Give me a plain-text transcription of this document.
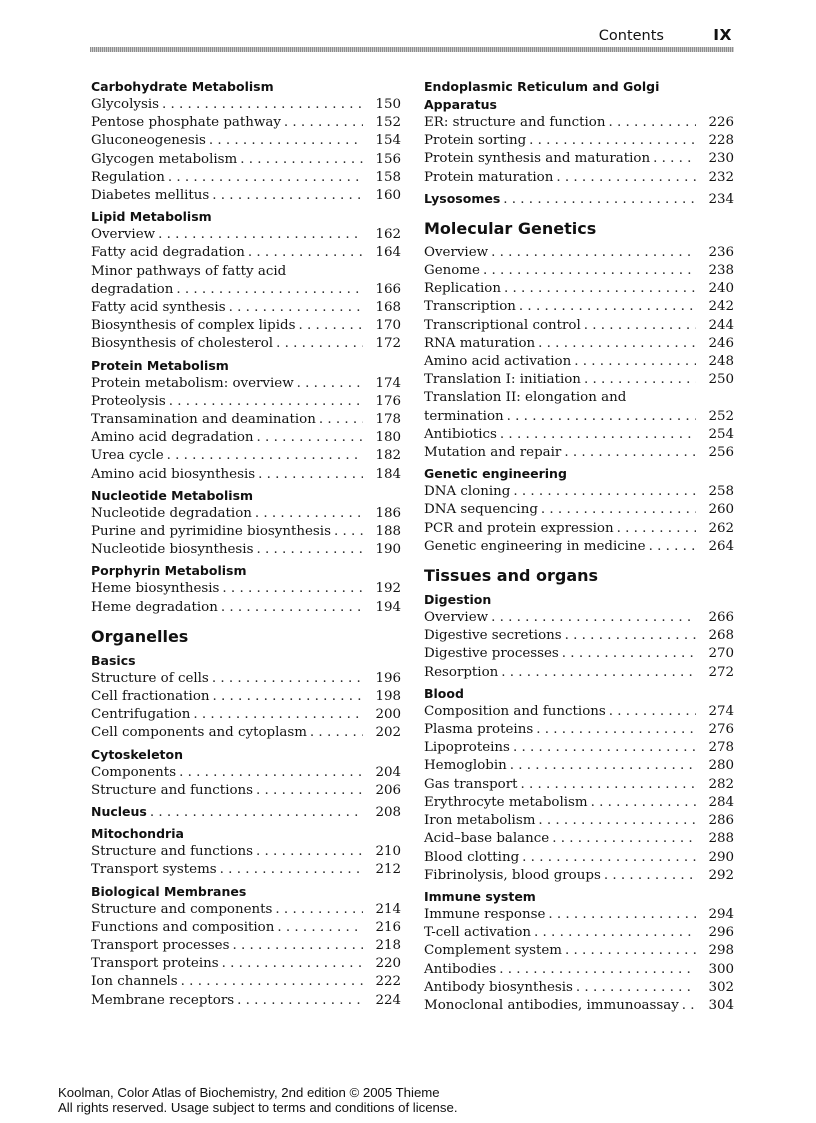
Contents	IX
Carbohydrate Metabolism
Glycolysis . . .	150
Pentose phosphate pathway . . .	152
Gluconeogenesis . . .	154
Glycogen metabolism . . .	156
Regulation . . .	158
Diabetes mellitus . . .	160
Lipid Metabolism
Overview . . .	162
Fatty acid degradation . . .	164
Minor pathways of fatty acid
degradation . . .	166
Fatty acid synthesis . . .	168
Biosynthesis of complex lipids . . .	170
Biosynthesis of cholesterol . . .	172
Protein Metabolism
Protein metabolism: overview . . .	174
Proteolysis . . .	176
Transamination and deamination . . .	178
Amino acid degradation . . .	180
Urea cycle . . .	182
Amino acid biosynthesis . . .	184
Nucleotide Metabolism
Nucleotide degradation . . .	186
Purine and pyrimidine biosynthesis . . .	188
Nucleotide biosynthesis . . .	190
Porphyrin Metabolism
Heme biosynthesis . . .	192
Heme degradation . . .	194
Organelles
Basics
Structure of cells . . .	196
Cell fractionation . . .	198
Centrifugation . . .	200
Cell components and cytoplasm . . .	202
Cytoskeleton
Components . . .	204
Structure and functions . . .	206
Nucleus . . .	208
Mitochondria
Structure and functions . . .	210
Transport systems . . .	212
Biological Membranes
Structure and components . . .	214
Functions and composition . . .	216
Transport processes . . .	218
Transport proteins . . .	220
Ion channels . . .	222
Membrane receptors . . .	224
Endoplasmic Reticulum and Golgi Apparatus
ER: structure and function . . .	226
Protein sorting . . .	228
Protein synthesis and maturation . . .	230
Protein maturation . . .	232
Lysosomes . . .	234
Molecular Genetics
Overview . . .	236
Genome . . .	238
Replication . . .	240
Transcription . . .	242
Transcriptional control . . .	244
RNA maturation . . .	246
Amino acid activation . . .	248
Translation I: initiation . . .	250
Translation II: elongation and
termination . . .	252
Antibiotics . . .	254
Mutation and repair . . .	256
Genetic engineering
DNA cloning . . .	258
DNA sequencing . . .	260
PCR and protein expression . . .	262
Genetic engineering in medicine . . .	264
Tissues and organs
Digestion
Overview . . .	266
Digestive secretions . . .	268
Digestive processes . . .	270
Resorption . . .	272
Blood
Composition and functions . . .	274
Plasma proteins . . .	276
Lipoproteins . . .	278
Hemoglobin . . .	280
Gas transport . . .	282
Erythrocyte metabolism . . .	284
Iron metabolism . . .	286
Acid–base balance . . .	288
Blood clotting . . .	290
Fibrinolysis, blood groups . . .	292
Immune system
Immune response . . .	294
T-cell activation . . .	296
Complement system . . .	298
Antibodies . . .	300
Antibody biosynthesis . . .	302
Monoclonal antibodies, immunoassay . . .	304
Koolman, Color Atlas of Biochemistry, 2nd edition © 2005 Thieme
All rights reserved. Usage subject to terms and conditions of license.
